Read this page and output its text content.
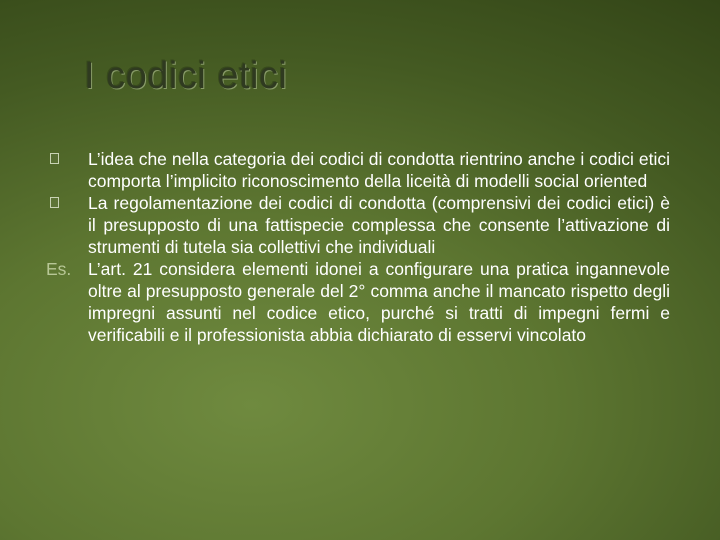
I codici etici

L’idea che nella categoria dei codici di condotta rientrino anche i codici etici comporta l’implicito riconoscimento della liceità di modelli social oriented

La regolamentazione dei codici di condotta (comprensivi dei codici etici) è il presupposto di una fattispecie complessa che consente l’attivazione di strumenti di tutela sia collettivi che individuali

Es. L’art. 21 considera elementi idonei a configurare una pratica ingannevole oltre al presupposto generale del 2° comma anche il mancato rispetto degli impregni assunti nel codice etico, purché si tratti di impegni fermi e verificabili e il professionista abbia dichiarato di esservi vincolato
